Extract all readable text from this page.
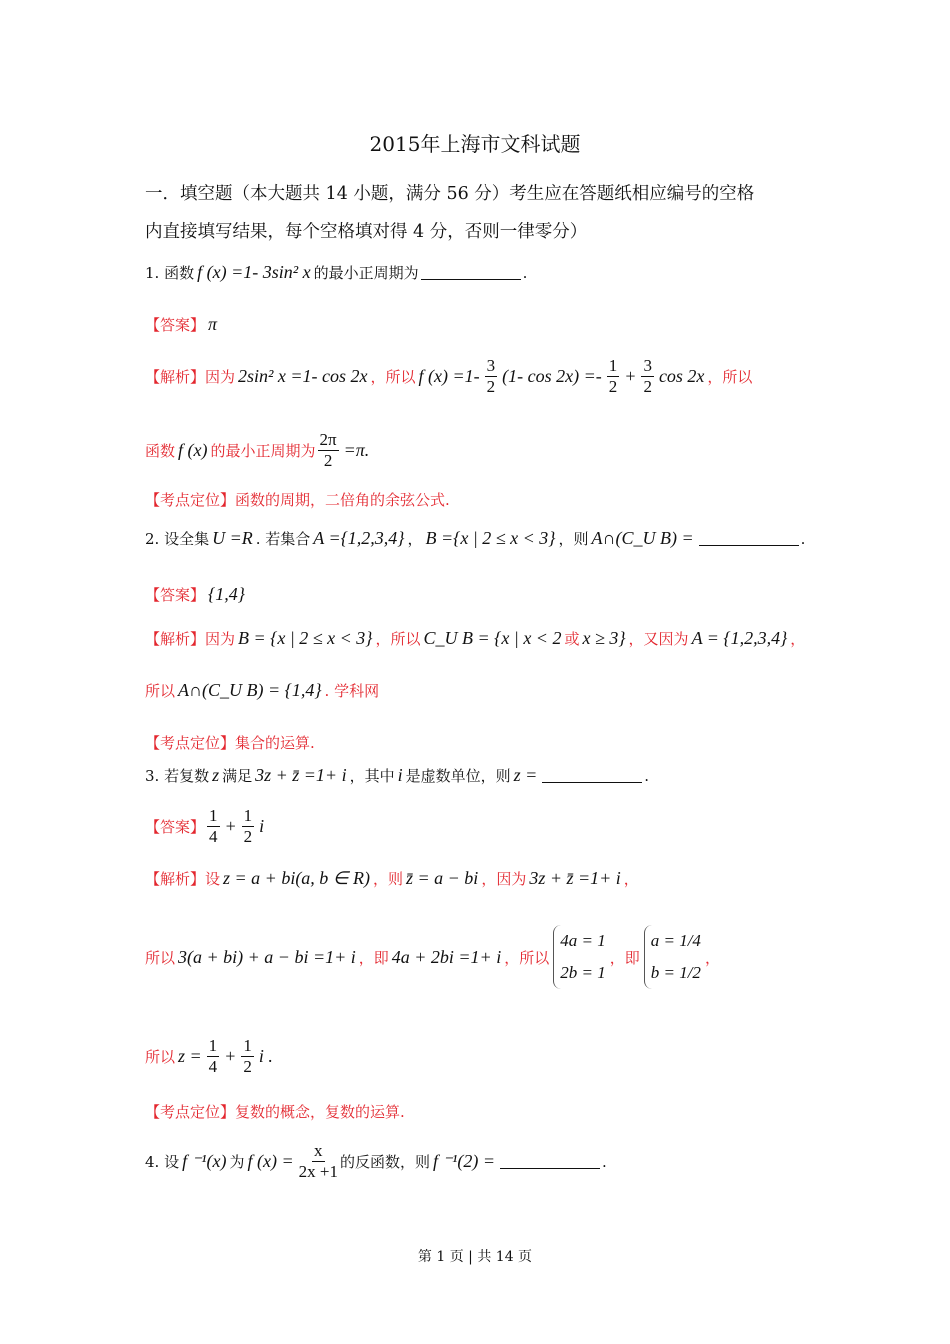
2015年上海市文科试题
一．填空题（本大题共 14 小题，满分 56 分）考生应在答题纸相应编号的空格
内直接填写结果，每个空格填对得 4 分，否则一律零分）
1. 函数 f (x) =1- 3sin² x 的最小正周期为	.
【答案】 π
【解析】因为 2sin² x =1- cos 2x ，所以 f $(x) =1- \frac{3}{2} (1-$ $\cos 2x) =- \frac{1}{2} + \frac{3}{2}$ cos 2x ，所以
函数 f (x) 的最小正周期为 $\frac{2\pi}{2} =\pi$.
【考点定位】函数的周期，二倍角的余弦公式.
2. 设全集 U =R . 若集合 A ={1,2,3,4} ， B ={x | 2 ≤ x < 3} ，则 A∩(C_U B) =	.
【答案】 {1,4}
【解析】因为 B = {x | 2 ≤ x < 3} ，所以 C_U B = {x | x < 2 或 x ≥ 3} ，又因为 A = {1,2,3,4} ，
所以 A∩(C_U B) = {1,4} . 学科网
【考点定位】集合的运算.
3. 若复数 z 满足 3z + z̄ =1+ i ，其中 i 是虚数单位，则 z =	.
【答案】 $\frac{1}{4} + \frac{1}{2}$ i
【解析】设 z = a + bi(a, b ∈ R) ，则 z̄ = a − bi ，因为 3z + z̄ =1+ i ，
所以 3(a + bi) + a − bi =1+ i ，即 4a + 2bi =1+ i ，所以
4a = 1
2b = 1
，即
a = 1/4
b = 1/2
，
所以 $z = \frac{1}{4} + \frac{1}{2}$ i .
【考点定位】复数的概念，复数的运算.
4. 设 f ⁻¹(x) 为 f $(x) = \frac{x}{2x +1}$ 的反函数，则 f ⁻¹(2) =	.
第 1 页 | 共 14 页
